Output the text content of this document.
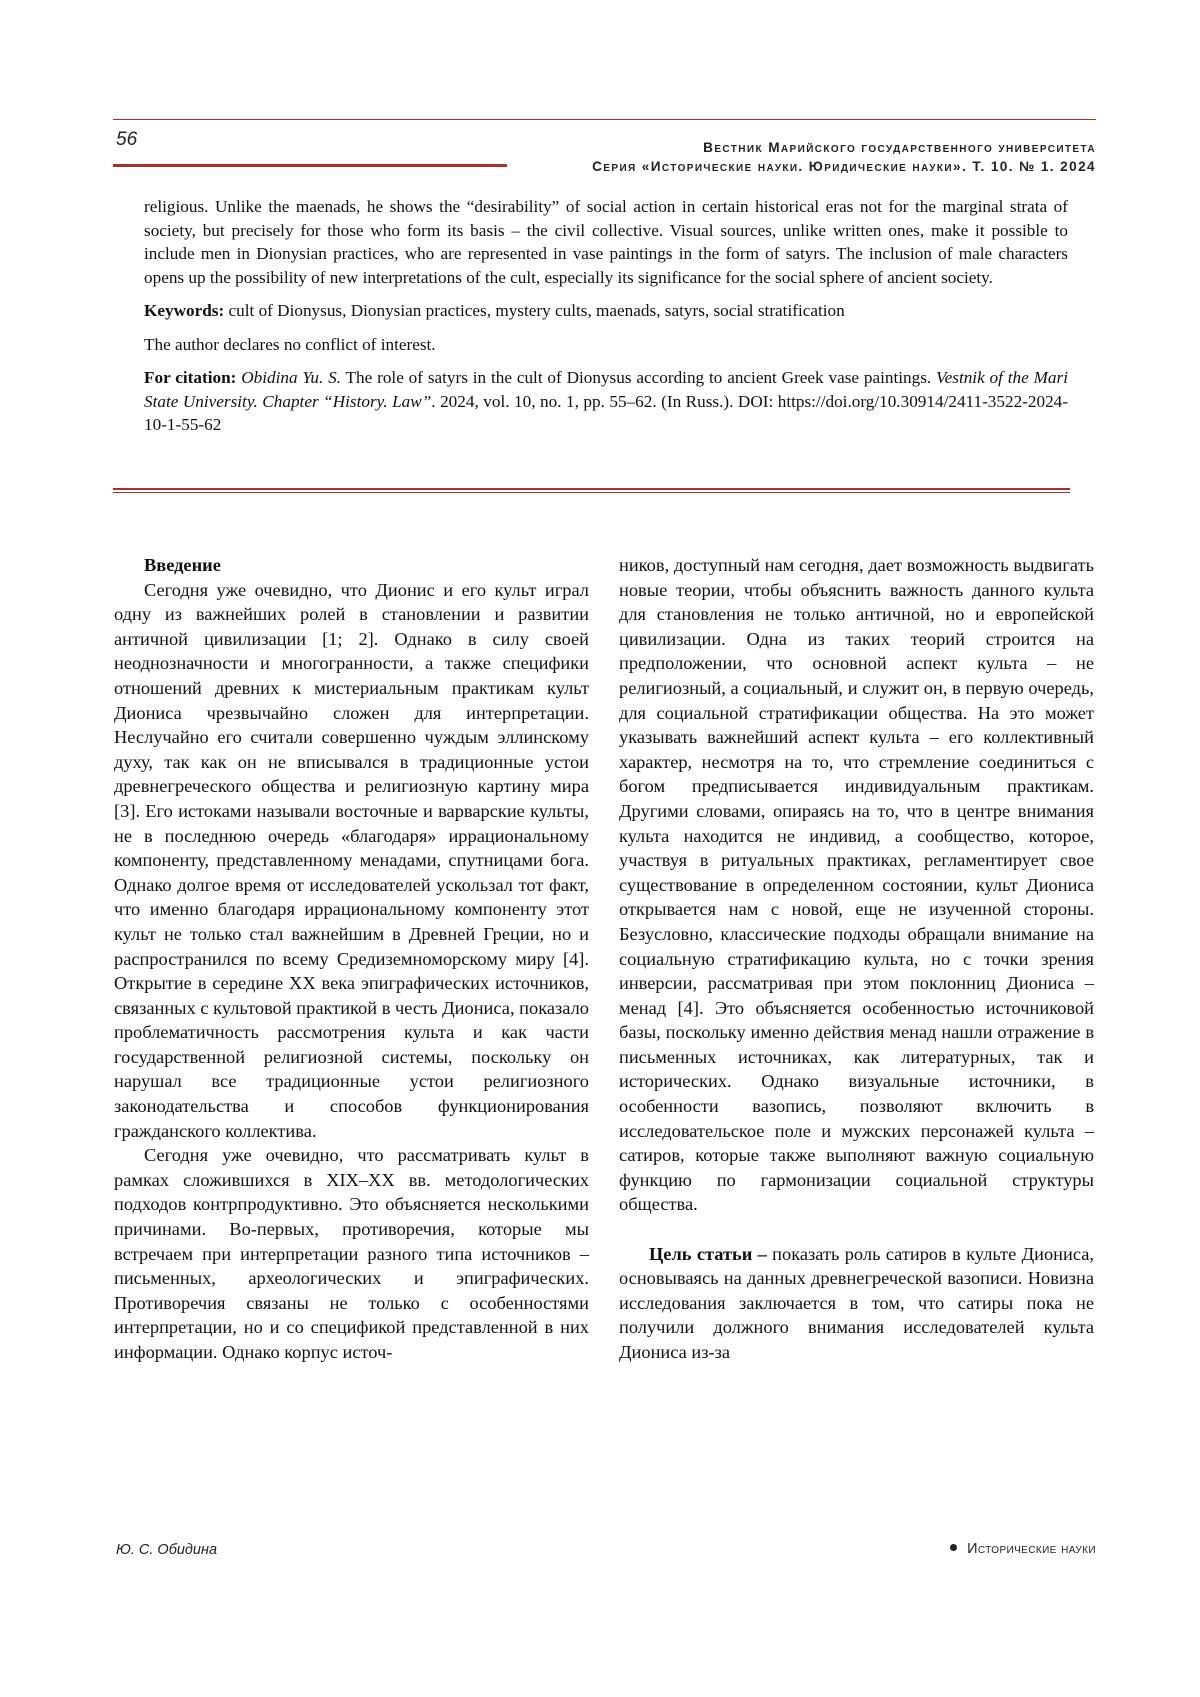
56	Вестник Марийского государственного университета
Серия «Исторические науки. Юридические науки». Т. 10. № 1. 2024

religious. Unlike the maenads, he shows the “desirability” of social action in certain historical eras not for the marginal strata of society, but precisely for those who form its basis – the civil collective. Visual sources, unlike written ones, make it possible to include men in Dionysian practices, who are represented in vase paintings in the form of satyrs. The inclusion of male characters opens up the possibility of new interpretations of the cult, especially its significance for the social sphere of ancient society.

Keywords: cult of Dionysus, Dionysian practices, mystery cults, maenads, satyrs, social stratification

The author declares no conflict of interest.

For citation: Obidina Yu. S. The role of satyrs in the cult of Dionysus according to ancient Greek vase paintings. Vestnik of the Mari State University. Chapter “History. Law”. 2024, vol. 10, no. 1, pp. 55–62. (In Russ.). DOI: https://doi.org/10.30914/2411-3522-2024-10-1-55-62

Введение

Сегодня уже очевидно, что Дионис и его культ играл одну из важнейших ролей в становлении и развитии античной цивилизации [1; 2]. Однако в силу своей неоднозначности и многогранности, а также специфики отношений древних к мистериальным практикам культ Диониса чрезвычайно сложен для интерпретации. Неслучайно его считали совершенно чуждым эллинскому духу, так как он не вписывался в традиционные устои древнегреческого общества и религиозную картину мира [3]. Его истоками называли восточные и варварские культы, не в последнюю очередь «благодаря» иррациональному компоненту, представленному менадами, спутницами бога. Однако долгое время от исследователей ускользал тот факт, что именно благодаря иррациональному компоненту этот культ не только стал важнейшим в Древней Греции, но и распространился по всему Средиземноморскому миру [4]. Открытие в середине XX века эпиграфических источников, связанных с культовой практикой в честь Диониса, показало проблематичность рассмотрения культа и как части государственной религиозной системы, поскольку он нарушал все традиционные устои религиозного законодательства и способов функционирования гражданского коллектива.

Сегодня уже очевидно, что рассматривать культ в рамках сложившихся в XIX–XX вв. методологических подходов контрпродуктивно. Это объясняется несколькими причинами. Во-первых, противоречия, которые мы встречаем при интерпретации разного типа источников – письменных, археологических и эпиграфических. Противоречия связаны не только с особенностями интерпретации, но и со спецификой представленной в них информации. Однако корпус источ-

ников, доступный нам сегодня, дает возможность выдвигать новые теории, чтобы объяснить важность данного культа для становления не только античной, но и европейской цивилизации. Одна из таких теорий строится на предположении, что основной аспект культа – не религиозный, а социальный, и служит он, в первую очередь, для социальной стратификации общества. На это может указывать важнейший аспект культа – его коллективный характер, несмотря на то, что стремление соединиться с богом предписывается индивидуальным практикам. Другими словами, опираясь на то, что в центре внимания культа находится не индивид, а сообщество, которое, участвуя в ритуальных практиках, регламентирует свое существование в определенном состоянии, культ Диониса открывается нам с новой, еще не изученной стороны. Безусловно, классические подходы обращали внимание на социальную стратификацию культа, но с точки зрения инверсии, рассматривая при этом поклонниц Диониса – менад [4]. Это объясняется особенностью источниковой базы, поскольку именно действия менад нашли отражение в письменных источниках, как литературных, так и исторических. Однако визуальные источники, в особенности вазопись, позволяют включить в исследовательское поле и мужских персонажей культа – сатиров, которые также выполняют важную социальную функцию по гармонизации социальной структуры общества.

Цель статьи – показать роль сатиров в культе Диониса, основываясь на данных древнегреческой вазописи. Новизна исследования заключается в том, что сатиры пока не получили должного внимания исследователей культа Диониса из-за

Ю. С. Обидина	Исторические науки
